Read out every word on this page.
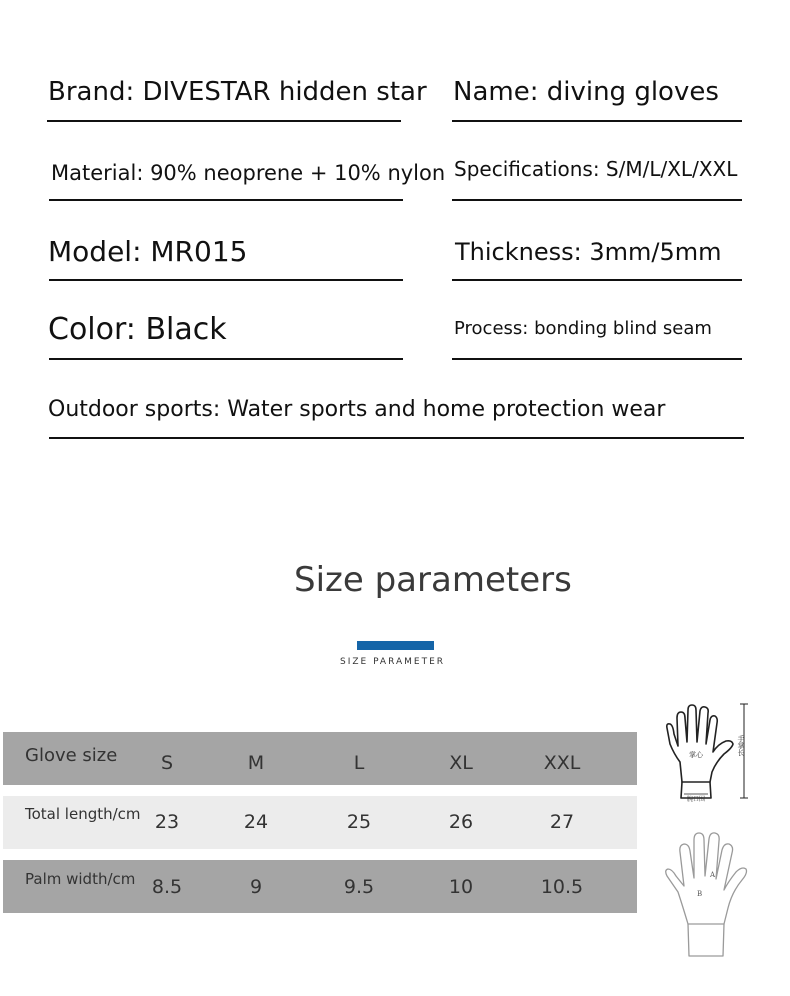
Brand: DIVESTAR hidden star Name: diving gloves
Material: 90% neoprene + 10% nylon Specifications: S/M/L/XL/XXL
Model: MR015	Thickness: 3mm/5mm
Color: Black	Process: bonding blind seam
Outdoor sports: Water sports and home protection wear
Size parameters
SIZE PARAMETER
Glove size S	M	L	XL	XXL
Total length/cm 23	24	25	26	27
Palm width/cm 8.5	9	9.5	10	10.5
掌心
腕口围
手掌长
A
B
